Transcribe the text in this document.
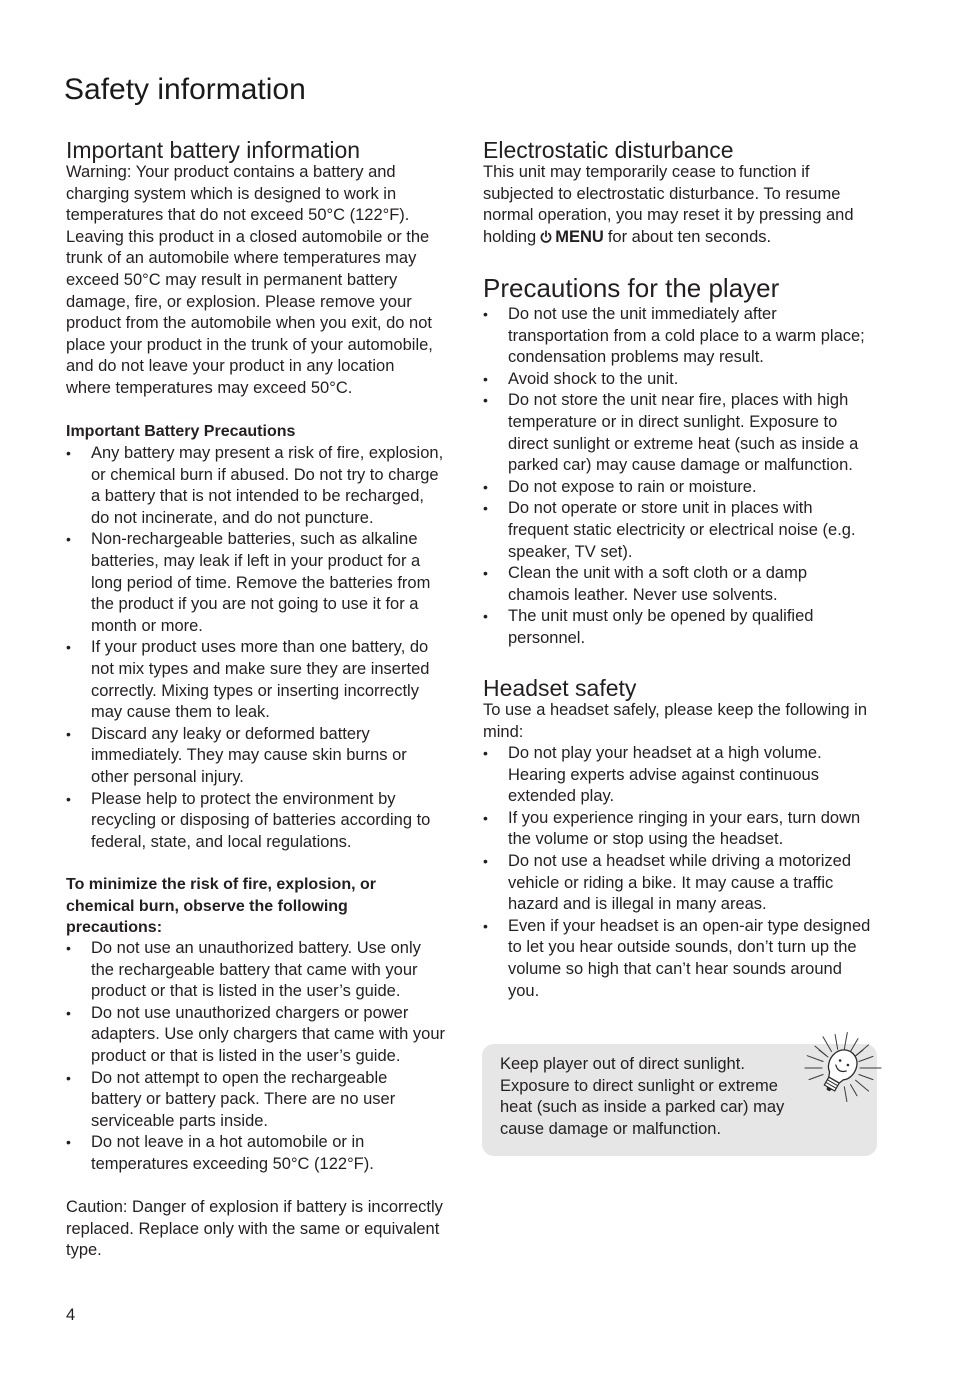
Safety information
Important battery information
Warning: Your product contains a battery and
charging system which is designed to work in
temperatures that do not exceed 50°C (122°F).
Leaving this product in a closed automobile or the
trunk of an automobile where temperatures may
exceed 50°C may result in permanent battery
damage, fire, or explosion. Please remove your
product from the automobile when you exit, do not
place your product in the trunk of your automobile,
and do not leave your product in any location
where temperatures may exceed 50°C.
Important Battery Precautions
• Any battery may present a risk of fire, explosion,
or chemical burn if abused. Do not try to charge
a battery that is not intended to be recharged,
do not incinerate, and do not puncture.
• Non-rechargeable batteries, such as alkaline
batteries, may leak if left in your product for a
long period of time. Remove the batteries from
the product if you are not going to use it for a
month or more.
• If your product uses more than one battery, do
not mix types and make sure they are inserted
correctly. Mixing types or inserting incorrectly
may cause them to leak.
• Discard any leaky or deformed battery
immediately. They may cause skin burns or
other personal injury.
• Please help to protect the environment by
recycling or disposing of batteries according to
federal, state, and local regulations.
To minimize the risk of fire, explosion, or
chemical burn, observe the following
precautions:
• Do not use an unauthorized battery. Use only
the rechargeable battery that came with your
product or that is listed in the user’s guide.
• Do not use unauthorized chargers or power
adapters. Use only chargers that came with your
product or that is listed in the user’s guide.
• Do not attempt to open the rechargeable
battery or battery pack. There are no user
serviceable parts inside.
• Do not leave in a hot automobile or in
temperatures exceeding 50°C (122°F).
Caution: Danger of explosion if battery is incorrectly
replaced. Replace only with the same or equivalent
type.
4
Electrostatic disturbance
This unit may temporarily cease to function if
subjected to electrostatic disturbance. To resume
normal operation, you may reset it by pressing and
holding MENU for about ten seconds.
Precautions for the player
• Do not use the unit immediately after
transportation from a cold place to a warm place;
condensation problems may result.
• Avoid shock to the unit.
• Do not store the unit near fire, places with high
temperature or in direct sunlight. Exposure to
direct sunlight or extreme heat (such as inside a
parked car) may cause damage or malfunction.
• Do not expose to rain or moisture.
• Do not operate or store unit in places with
frequent static electricity or electrical noise (e.g.
speaker, TV set).
• Clean the unit with a soft cloth or a damp
chamois leather. Never use solvents.
• The unit must only be opened by qualified
personnel.
Headset safety
To use a headset safely, please keep the following in
mind:
• Do not play your headset at a high volume.
Hearing experts advise against continuous
extended play.
• If you experience ringing in your ears, turn down
the volume or stop using the headset.
• Do not use a headset while driving a motorized
vehicle or riding a bike. It may cause a traffic
hazard and is illegal in many areas.
• Even if your headset is an open-air type designed
to let you hear outside sounds, don’t turn up the
volume so high that can’t hear sounds around
you.
Keep player out of direct sunlight.
Exposure to direct sunlight or extreme
heat (such as inside a parked car) may
cause damage or malfunction.
